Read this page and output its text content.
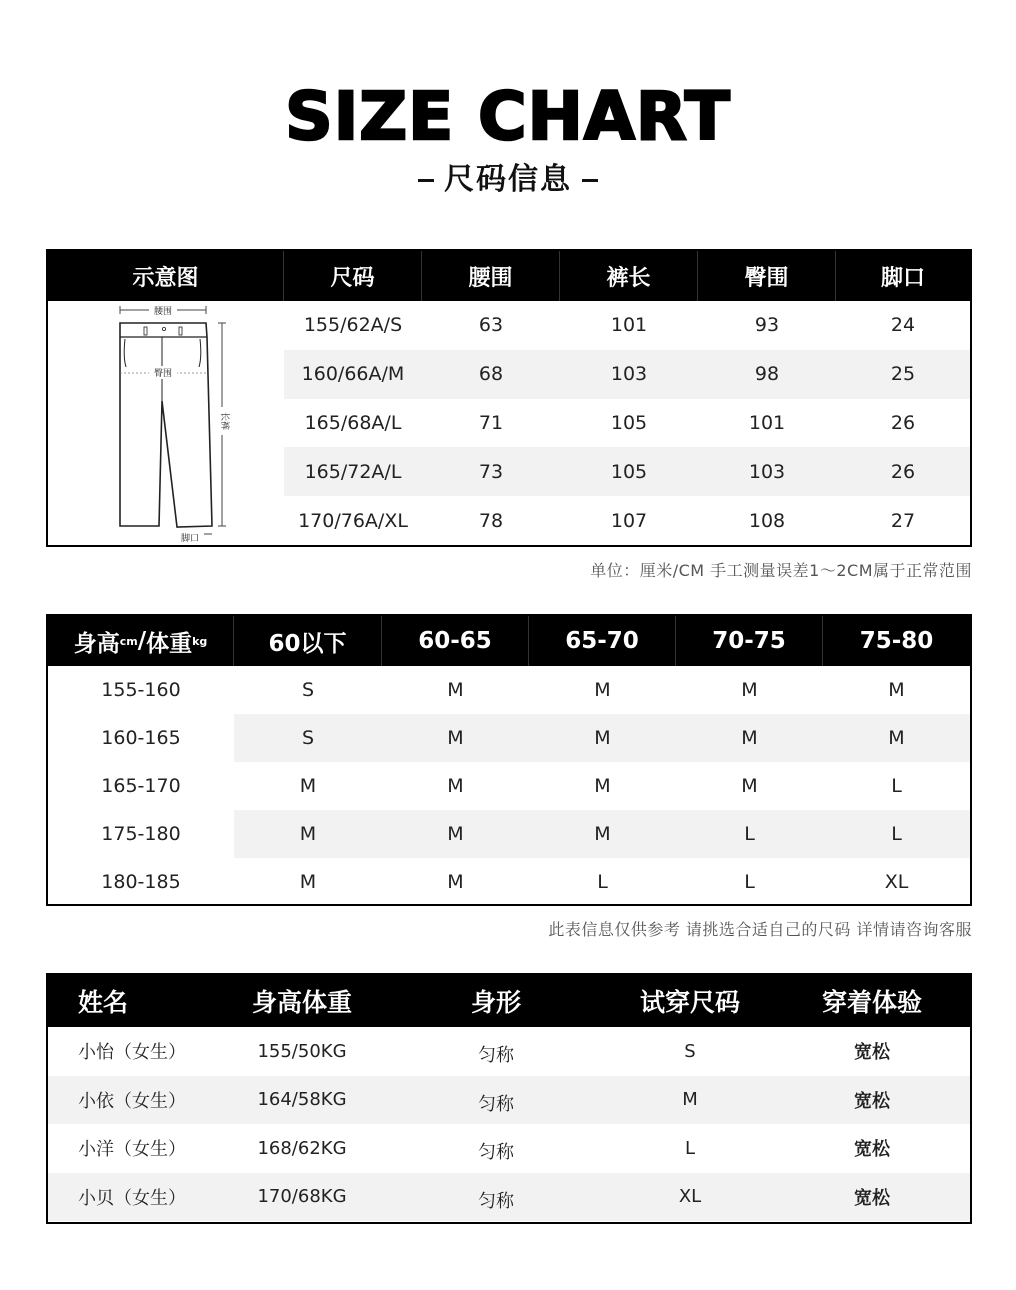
SIZE CHART
尺码信息
示意图	尺码	腰围	裤长	臀围	脚口
腰围
臀围
长裤
脚口
155/62A/S	63	101	93	24
160/66A/M	68	103	98	25
165/68A/L	71	105	101	26
165/72A/L	73	105	103	26
170/76A/XL	78	107	108	27
单位：厘米/CM 手工测量误差1～2CM属于正常范围
身高 cm / 体重 kg	60以下	60-65	65-70	70-75	75-80
155-160	S	M	M	M	M
160-165	S	M	M	M	M
165-170	M	M	M	M	L
175-180	M	M	M	L	L
180-185	M	M	L	L	XL
此表信息仅供参考 请挑选合适自己的尺码 详情请咨询客服
姓名	身高体重	身形	试穿尺码	穿着体验
小怡（女生）	155/50KG	匀称	S	宽松
小依（女生）	164/58KG	匀称	M	宽松
小洋（女生）	168/62KG	匀称	L	宽松
小贝（女生）	170/68KG	匀称	XL	宽松
